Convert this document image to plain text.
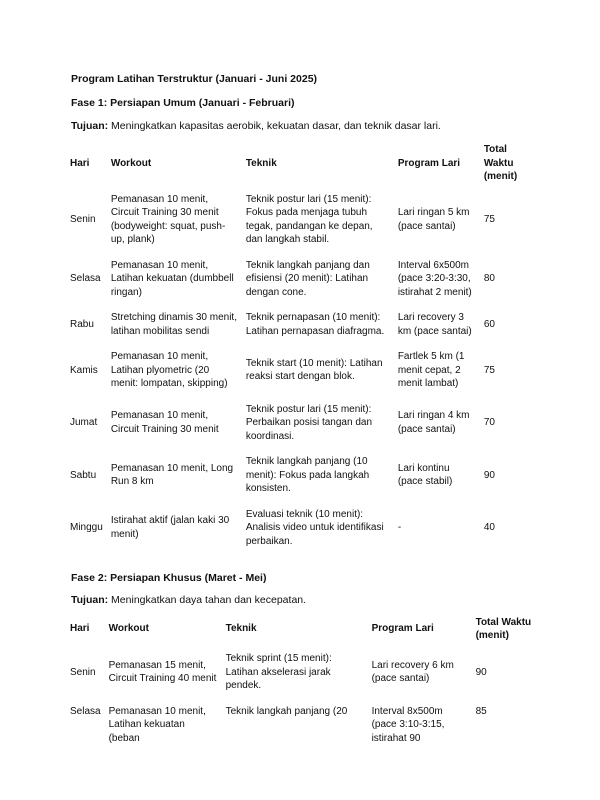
Program Latihan Terstruktur (Januari - Juni 2025)
Fase 1: Persiapan Umum (Januari - Februari)
Tujuan: Meningkatkan kapasitas aerobik, kekuatan dasar, dan teknik dasar lari.
Hari	Workout	Teknik	Program Lari	Total Waktu (menit)
Senin	Pemanasan 10 menit, Circuit Training 30 menit (bodyweight: squat, push-up, plank)	Teknik postur lari (15 menit): Fokus pada menjaga tubuh tegak, pandangan ke depan, dan langkah stabil.	Lari ringan 5 km (pace santai)	75
Selasa	Pemanasan 10 menit, Latihan kekuatan (dumbbell ringan)	Teknik langkah panjang dan efisiensi (20 menit): Latihan dengan cone.	Interval 6x500m (pace 3:20-3:30, istirahat 2 menit)	80
Rabu	Stretching dinamis 30 menit, latihan mobilitas sendi	Teknik pernapasan (10 menit): Latihan pernapasan diafragma.	Lari recovery 3 km (pace santai)	60
Kamis	Pemanasan 10 menit, Latihan plyometric (20 menit: lompatan, skipping)	Teknik start (10 menit): Latihan reaksi start dengan blok.	Fartlek 5 km (1 menit cepat, 2 menit lambat)	75
Jumat	Pemanasan 10 menit, Circuit Training 30 menit	Teknik postur lari (15 menit): Perbaikan posisi tangan dan koordinasi.	Lari ringan 4 km (pace santai)	70
Sabtu	Pemanasan 10 menit, Long Run 8 km	Teknik langkah panjang (10 menit): Fokus pada langkah konsisten.	Lari kontinu (pace stabil)	90
Minggu	Istirahat aktif (jalan kaki 30 menit)	Evaluasi teknik (10 menit): Analisis video untuk identifikasi perbaikan.	-	40
Fase 2: Persiapan Khusus (Maret - Mei)
Tujuan: Meningkatkan daya tahan dan kecepatan.
Hari	Workout	Teknik	Program Lari	Total Waktu (menit)
Senin	Pemanasan 15 menit, Circuit Training 40 menit	Teknik sprint (15 menit): Latihan akselerasi jarak pendek.	Lari recovery 6 km (pace santai)	90
Selasa	Pemanasan 10 menit, Latihan kekuatan (beban	Teknik langkah panjang (20	Interval 8x500m (pace 3:10-3:15, istirahat 90	85
